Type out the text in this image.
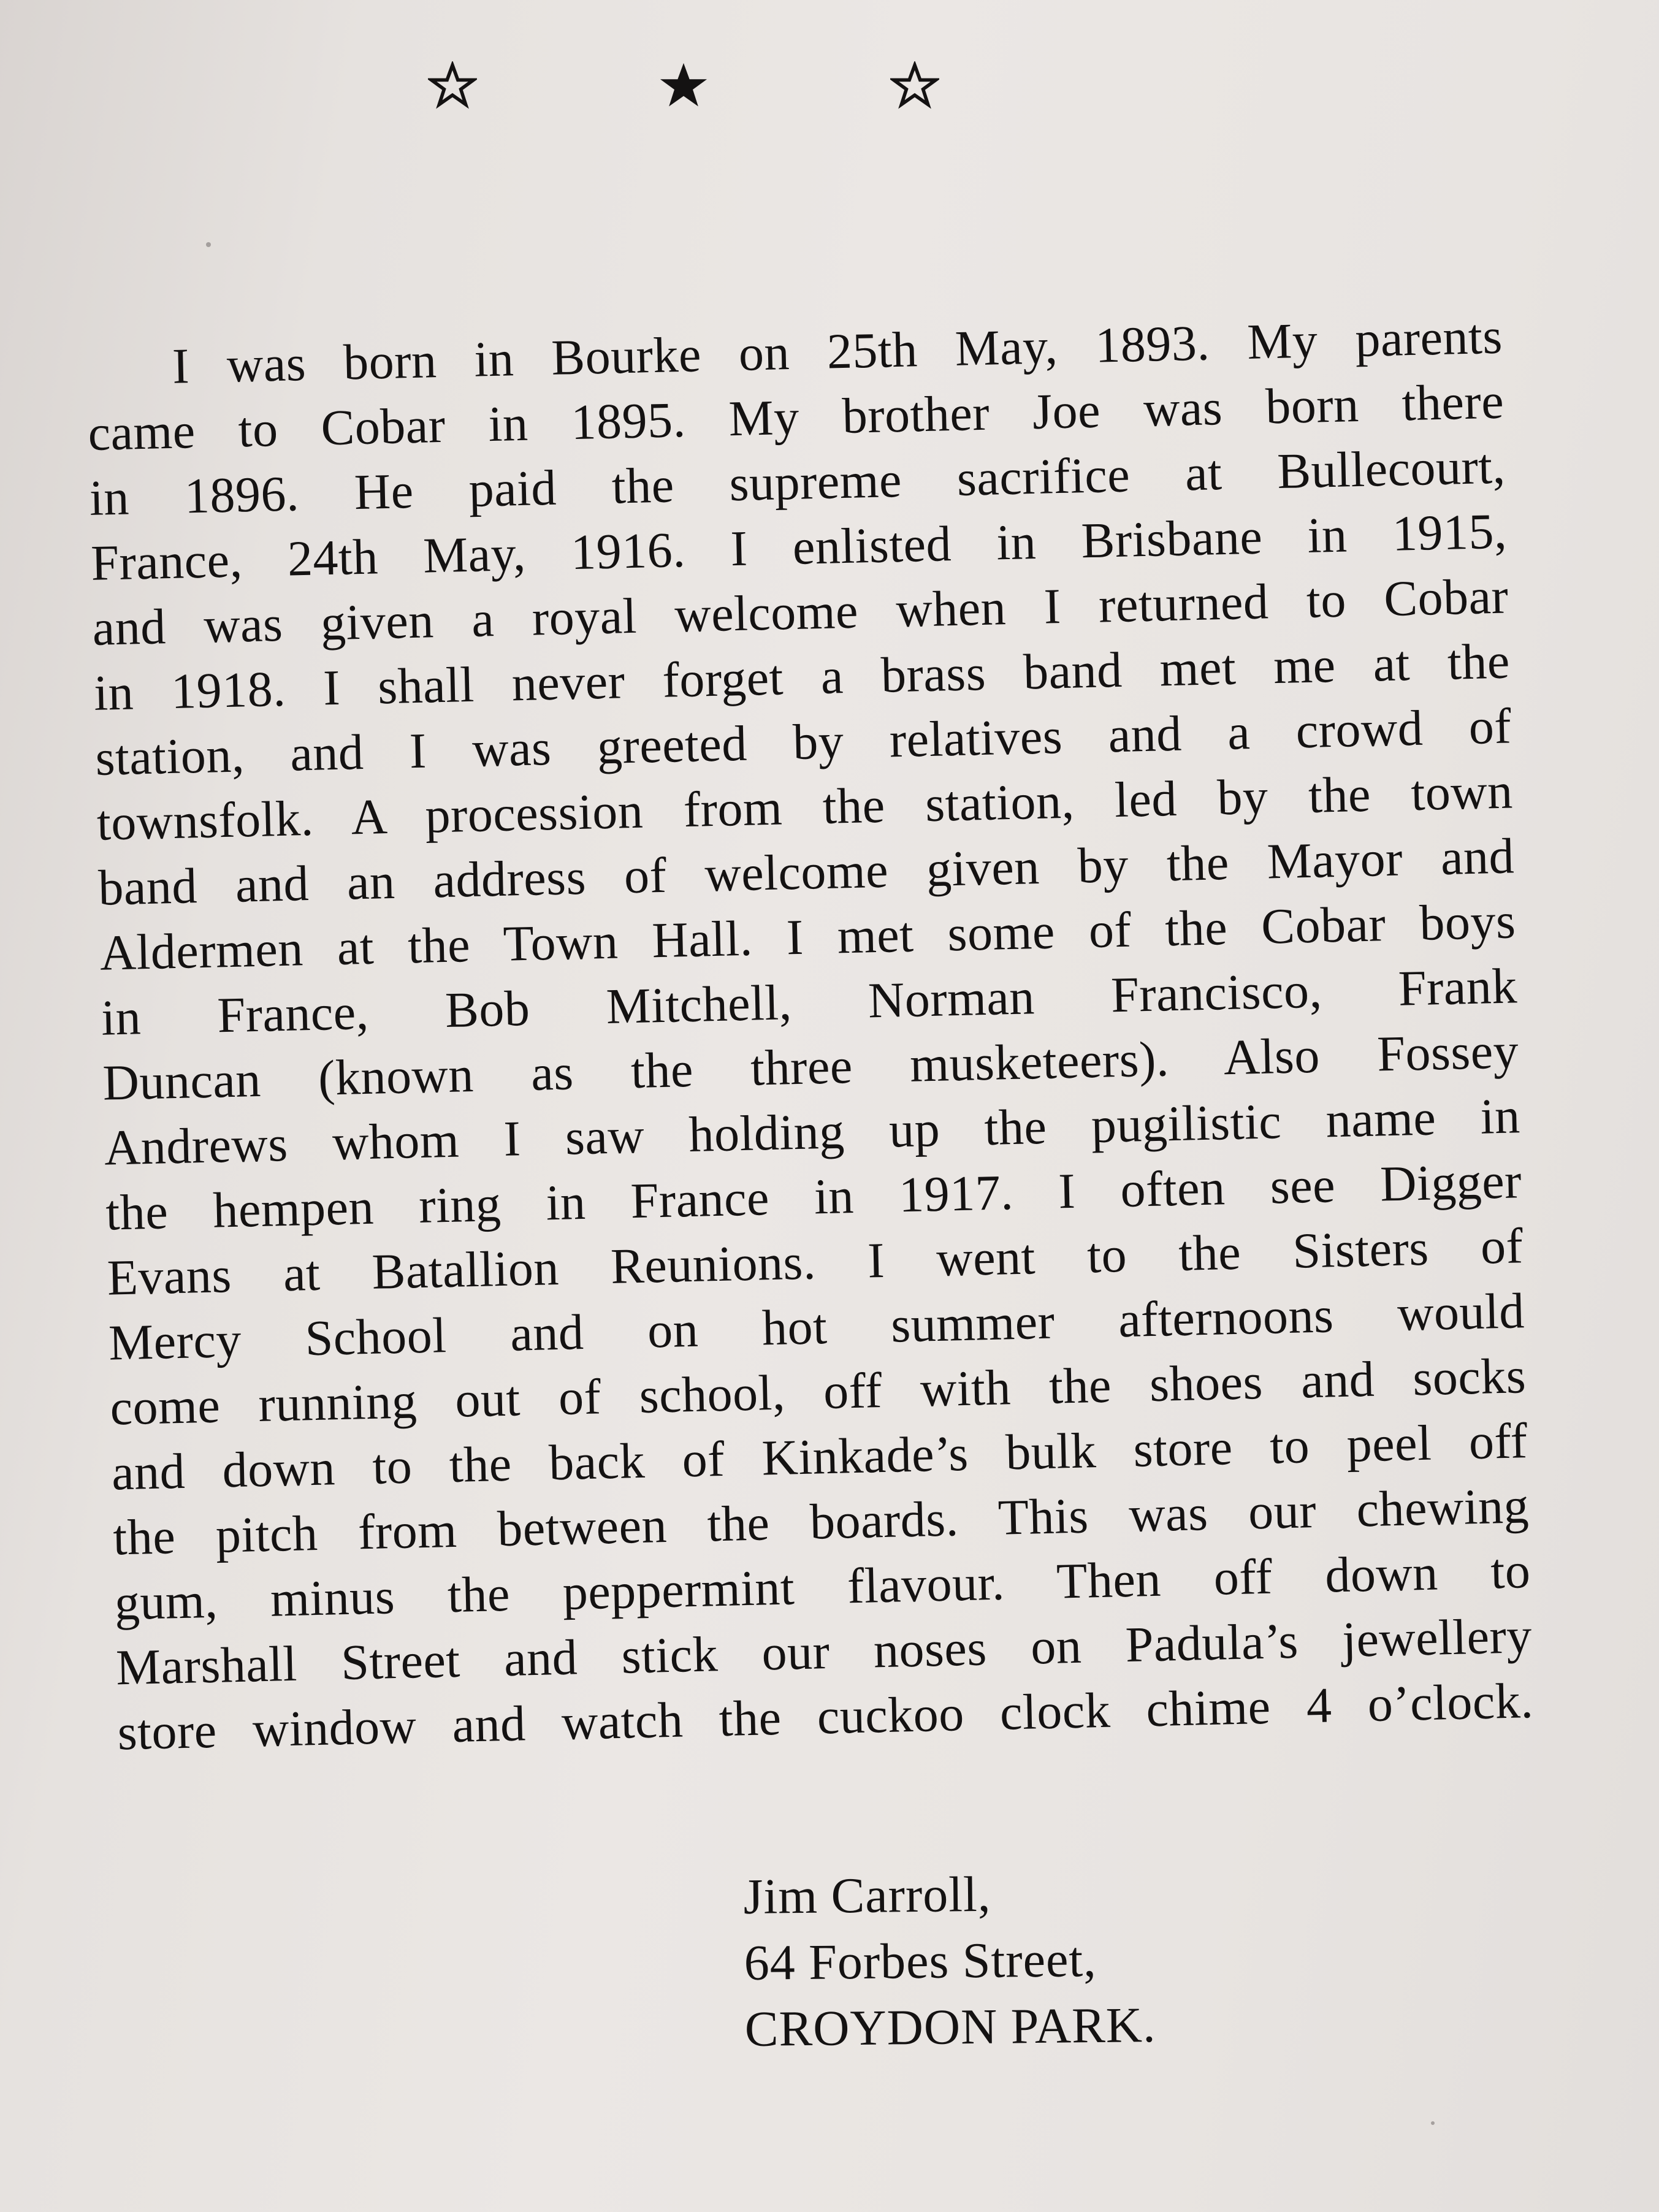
I was born in Bourke on 25th May, 1893. My parents
came to Cobar in 1895. My brother Joe was born there
in 1896. He paid the supreme sacrifice at Bullecourt,
France, 24th May, 1916. I enlisted in Brisbane in 1915,
and was given a royal welcome when I returned to Cobar
in 1918. I shall never forget a brass band met me at the
station, and I was greeted by relatives and a crowd of
townsfolk. A procession from the station, led by the town
band and an address of welcome given by the Mayor and
Aldermen at the Town Hall. I met some of the Cobar boys
in France, Bob Mitchell, Norman Francisco, Frank
Duncan (known as the three musketeers). Also Fossey
Andrews whom I saw holding up the pugilistic name in
the hempen ring in France in 1917. I often see Digger
Evans at Batallion Reunions. I went to the Sisters of
Mercy School and on hot summer afternoons would
come running out of school, off with the shoes and socks
and down to the back of Kinkade’s bulk store to peel off
the pitch from between the boards. This was our chewing
gum, minus the peppermint flavour. Then off down to
Marshall Street and stick our noses on Padula’s jewellery
store window and watch the cuckoo clock chime 4 o’clock.
Jim Carroll,
64 Forbes Street,
CROYDON PARK.
